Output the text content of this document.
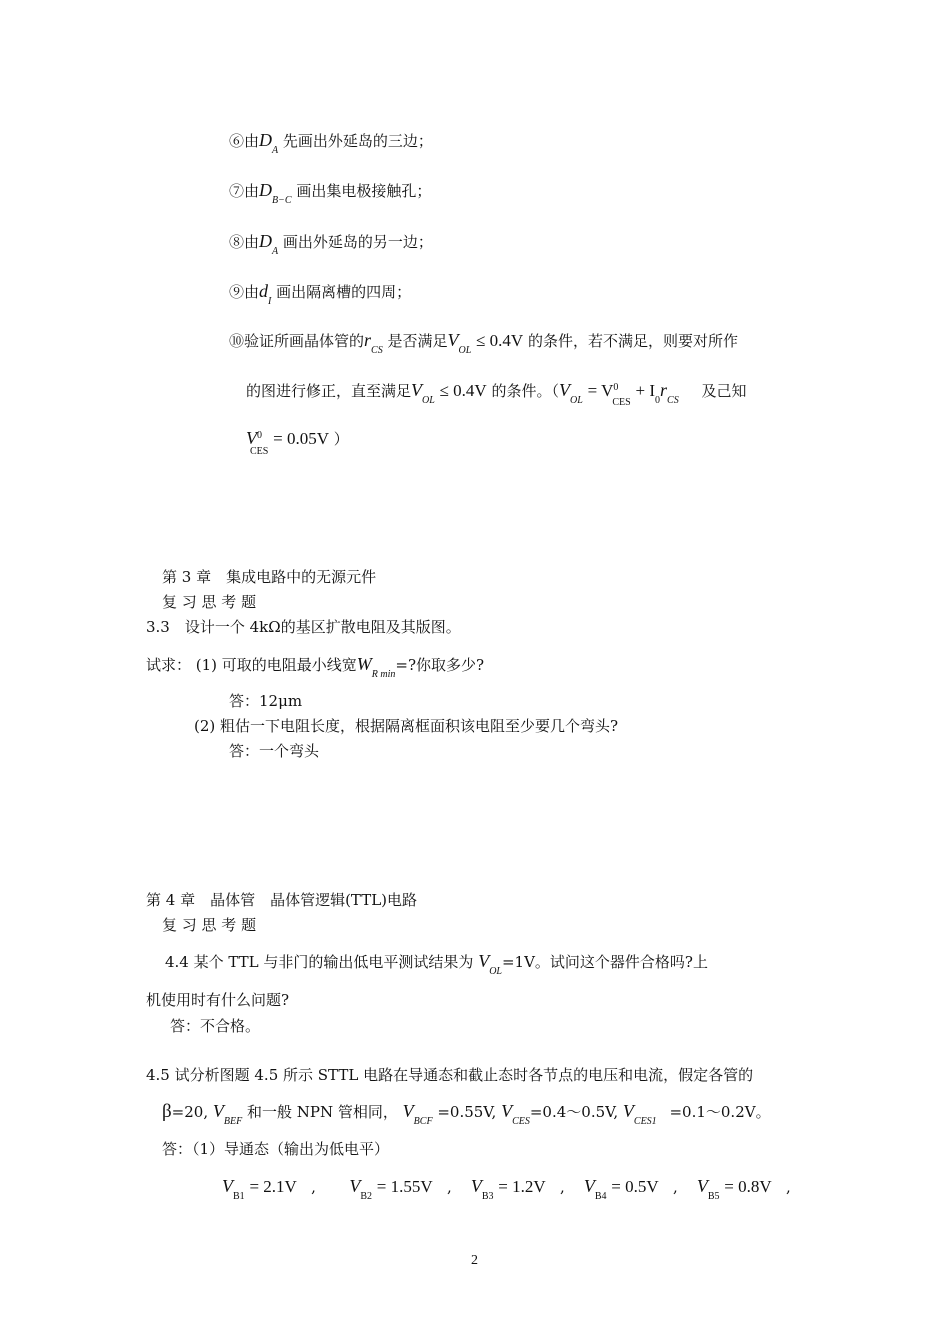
⑥由$D_A$ 先画出外延岛的三边；
⑦由$D_{B-C}$ 画出集电极接触孔；
⑧由$D_A$ 画出外延岛的另一边；
⑨由$d_I$ 画出隔离槽的四周；
⑩验证所画晶体管的$r_{CS}$ 是否满足$V_{OL} \le 0.4V$ 的条件，若不满足，则要对所作
的图进行修正，直至满足$V_{OL} \le 0.4V$ 的条件。（$V_{OL} = V^0_{CES} + I_0r_{CS}$ 及己知
$V^0_{CES} = 0.05V$ ）
第 3 章　集成电路中的无源元件
复 习 思 考 题
3.3　设计一个 4kΩ的基区扩散电阻及其版图。
试求： (1) 可取的电阻最小线宽$W_{R min}=$?你取多少?
答：12μm
(2) 粗估一下电阻长度，根据隔离框面积该电阻至少要几个弯头?
答：一个弯头
第 4 章　晶体管　晶体管逻辑(TTL)电路
复 习 思 考 题
4.4 某个 TTL 与非门的输出低电平测试结果为 $V_{OL}=1V$。试问这个器件合格吗?上
机使用时有什么问题?
答：不合格。
4.5 试分析图题 4.5 所示 STTL 电路在导通态和截止态时各节点的电压和电流，假定各管的
β=20, $V_{BEF}$ 和一般 NPN 管相同， $V_{BCF} =0.55V$, $V_{CES}=0.4\sim 0.5V$, $V_{CES1}$ =0.1～0.2V。
答：（1）导通态（输出为低电平）
$V_{B1} = 2.1V$ , $V_{B2} = 1.55V$ , $V_{B3} = 1.2V$ , $V_{B4} = 0.5V$ , $V_{B5} = 0.8V$ ,
2
